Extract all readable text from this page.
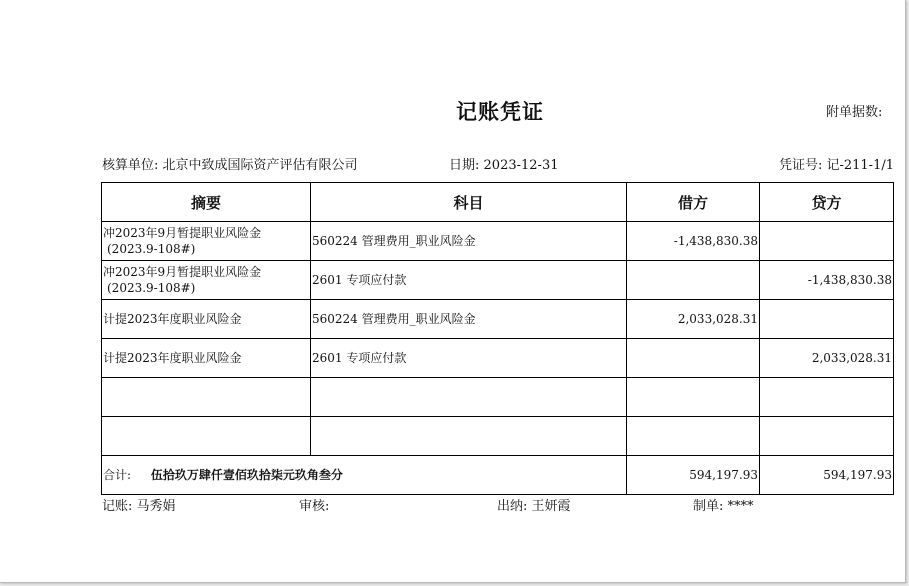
记账凭证	附单据数:
核算单位: 北京中致成国际资产评估有限公司	日期: 2023-12-31	凭证号: 记-211-1/1
摘要	科目	借方	贷方

冲2023年9月暂提职业风险金
(2023.9-108#)	560224 管理费用_职业风险金	-1,438,830.38	

冲2023年9月暂提职业风险金
(2023.9-108#)	2601 专项应付款		-1,438,830.38

计提2023年度职业风险金	560224 管理费用_职业风险金	2,033,028.31	

计提2023年度职业风险金	2601 专项应付款		2,033,028.31

合计: 伍拾玖万肆仟壹佰玖拾柒元玖角叁分		594,197.93	594,197.93
记账: 马秀娟	审核:	出纳: 王妍霞	制单: ****
